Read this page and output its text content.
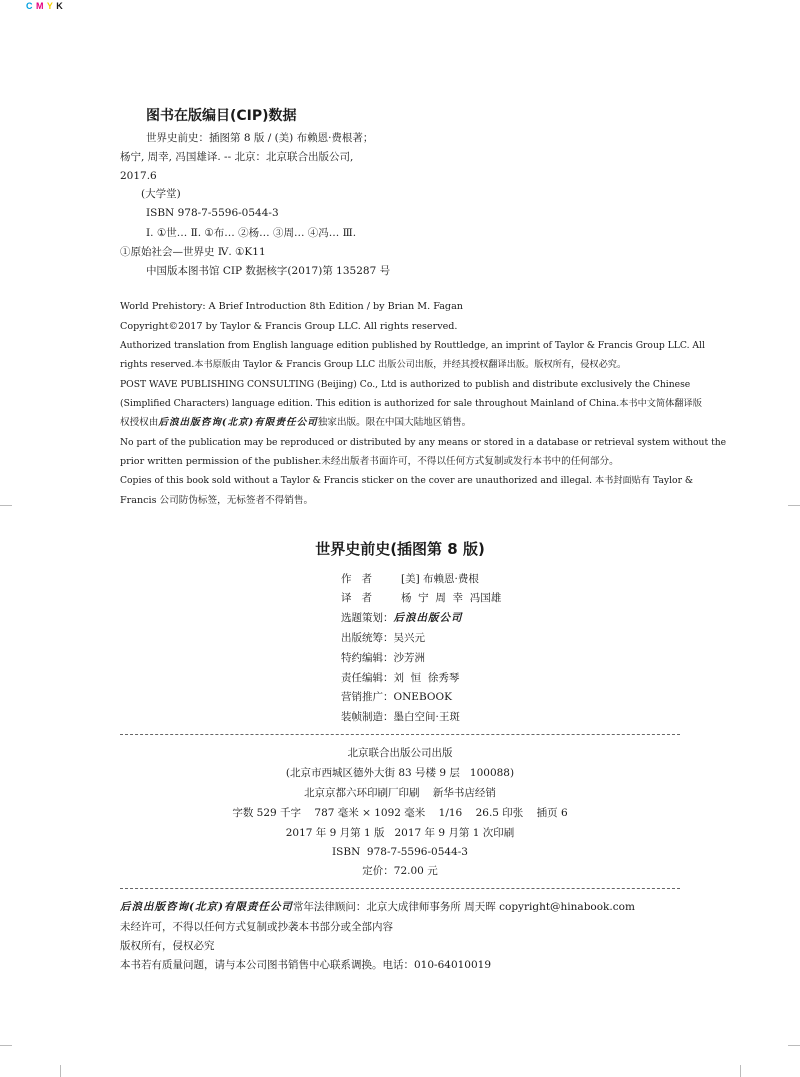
C M Y K
图书在版编目(CIP)数据
世界史前史：插图第 8 版 / (美) 布赖恩·费根著；
杨宁, 周幸, 冯国雄译. -- 北京：北京联合出版公司,
2017.6
(大学堂)
ISBN 978-7-5596-0544-3
Ⅰ. ①世… Ⅱ. ①布… ②杨… ③周… ④冯… Ⅲ.
①原始社会—世界史 Ⅳ. ①K11
中国版本图书馆 CIP 数据核字(2017)第 135287 号
World Prehistory: A Brief Introduction 8th Edition / by Brian M. Fagan
Copyright©2017 by Taylor & Francis Group LLC. All rights reserved.
Authorized translation from English language edition published by Routtledge, an imprint of Taylor & Francis Group LLC. All
rights reserved.本书原版由 Taylor & Francis Group LLC 出版公司出版，并经其授权翻译出版。版权所有，侵权必究。
POST WAVE PUBLISHING CONSULTING (Beijing) Co., Ltd is authorized to publish and distribute exclusively the Chinese
(Simplified Characters) language edition. This edition is authorized for sale throughout Mainland of China.本书中文简体翻译版
权授权由后浪出版咨询(北京)有限责任公司独家出版。限在中国大陆地区销售。
No part of the publication may be reproduced or distributed by any means or stored in a database or retrieval system without the
prior written permission of the publisher.未经出版者书面许可，不得以任何方式复制或发行本书中的任何部分。
Copies of this book sold without a Taylor & Francis sticker on the cover are unauthorized and illegal. 本书封面贴有 Taylor &
Francis 公司防伪标签，无标签者不得销售。
世界史前史(插图第 8 版)
作者 [美] 布赖恩·费根
译者 杨  宁  周  幸  冯国雄
选题策划：后浪出版公司
出版统筹：吴兴元
特约编辑：沙芳洲
责任编辑：刘  恒  徐秀琴
营销推广：ONEBOOK
装帧制造：墨白空间·王斑
北京联合出版公司出版
(北京市西城区德外大街 83 号楼 9 层   100088)
北京京都六环印刷厂印刷    新华书店经销
字数 529 千字    787 毫米 × 1092 毫米    1/16    26.5 印张    插页 6
2017 年 9 月第 1 版   2017 年 9 月第 1 次印刷
ISBN  978-7-5596-0544-3
定价：72.00 元
后浪出版咨询(北京)有限责任公司常年法律顾问：北京大成律师事务所 周天晖 copyright@hinabook.com
未经许可，不得以任何方式复制或抄袭本书部分或全部内容
版权所有，侵权必究
本书若有质量问题，请与本公司图书销售中心联系调换。电话：010-64010019
